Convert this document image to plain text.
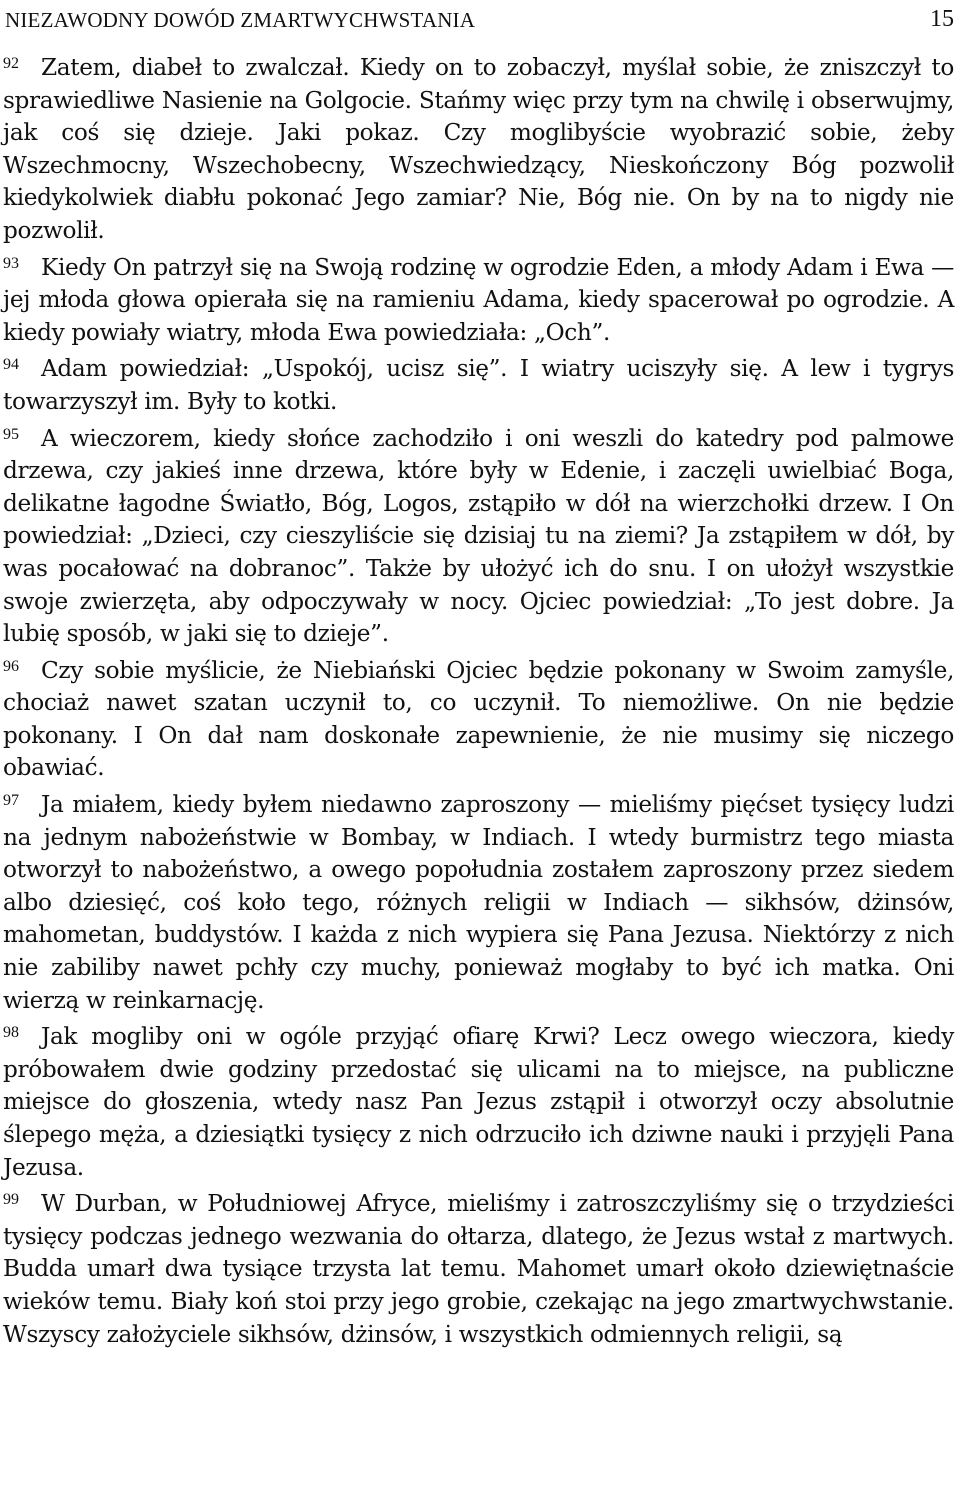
NIEZAWODNY DOWÓD ZMARTWYCHWSTANIA	15

$^{92}$ Zatem, diabeł to zwalczał. Kiedy on to zobaczył, myślał sobie, że zniszczył to sprawiedliwe Nasienie na Golgocie. Stańmy więc przy tym na chwilę i obserwujmy, jak coś się dzieje. Jaki pokaz. Czy moglibyście wyobrazić sobie, żeby Wszechmocny, Wszechobecny, Wszechwiedzący, Nieskończony Bóg pozwolił kiedykolwiek diabłu pokonać Jego zamiar? Nie, Bóg nie. On by na to nigdy nie pozwolił.

$^{93}$ Kiedy On patrzył się na Swoją rodzinę w ogrodzie Eden, a młody Adam i Ewa — jej młoda głowa opierała się na ramieniu Adama, kiedy spacerował po ogrodzie. A kiedy powiały wiatry, młoda Ewa powiedziała: „Och”.

$^{94}$ Adam powiedział: „Uspokój, ucisz się”. I wiatry uciszyły się. A lew i tygrys towarzyszył im. Były to kotki.

$^{95}$ A wieczorem, kiedy słońce zachodziło i oni weszli do katedry pod palmowe drzewa, czy jakieś inne drzewa, które były w Edenie, i zaczęli uwielbiać Boga, delikatne łagodne Światło, Bóg, Logos, zstąpiło w dół na wierzchołki drzew. I On powiedział: „Dzieci, czy cieszyliście się dzisiaj tu na ziemi? Ja zstąpiłem w dół, by was pocałować na dobranoc”. Także by ułożyć ich do snu. I on ułożył wszystkie swoje zwierzęta, aby odpoczywały w nocy. Ojciec powiedział: „To jest dobre. Ja lubię sposób, w jaki się to dzieje”.

$^{96}$ Czy sobie myślicie, że Niebiański Ojciec będzie pokonany w Swoim zamyśle, chociaż nawet szatan uczynił to, co uczynił. To niemożliwe. On nie będzie pokonany. I On dał nam doskonałe zapewnienie, że nie musimy się niczego obawiać.

$^{97}$ Ja miałem, kiedy byłem niedawno zaproszony — mieliśmy pięćset tysięcy ludzi na jednym nabożeństwie w Bombay, w Indiach. I wtedy burmistrz tego miasta otworzył to nabożeństwo, a owego popołudnia zostałem zaproszony przez siedem albo dziesięć, coś koło tego, różnych religii w Indiach — sikhsów, dżinsów, mahometan, buddystów. I każda z nich wypiera się Pana Jezusa. Niektórzy z nich nie zabiliby nawet pchły czy muchy, ponieważ mogłaby to być ich matka. Oni wierzą w reinkarnację.

$^{98}$ Jak mogliby oni w ogóle przyjąć ofiarę Krwi? Lecz owego wieczora, kiedy próbowałem dwie godziny przedostać się ulicami na to miejsce, na publiczne miejsce do głoszenia, wtedy nasz Pan Jezus zstąpił i otworzył oczy absolutnie ślepego męża, a dziesiątki tysięcy z nich odrzuciło ich dziwne nauki i przyjęli Pana Jezusa.

$^{99}$ W Durban, w Południowej Afryce, mieliśmy i zatroszczyliśmy się o trzydzieści tysięcy podczas jednego wezwania do ołtarza, dlatego, że Jezus wstał z martwych. Budda umarł dwa tysiące trzysta lat temu. Mahomet umarł około dziewiętnaście wieków temu. Biały koń stoi przy jego grobie, czekając na jego zmartwychwstanie. Wszyscy założyciele sikhsów, dżinsów, i wszystkich odmiennych religii, są
